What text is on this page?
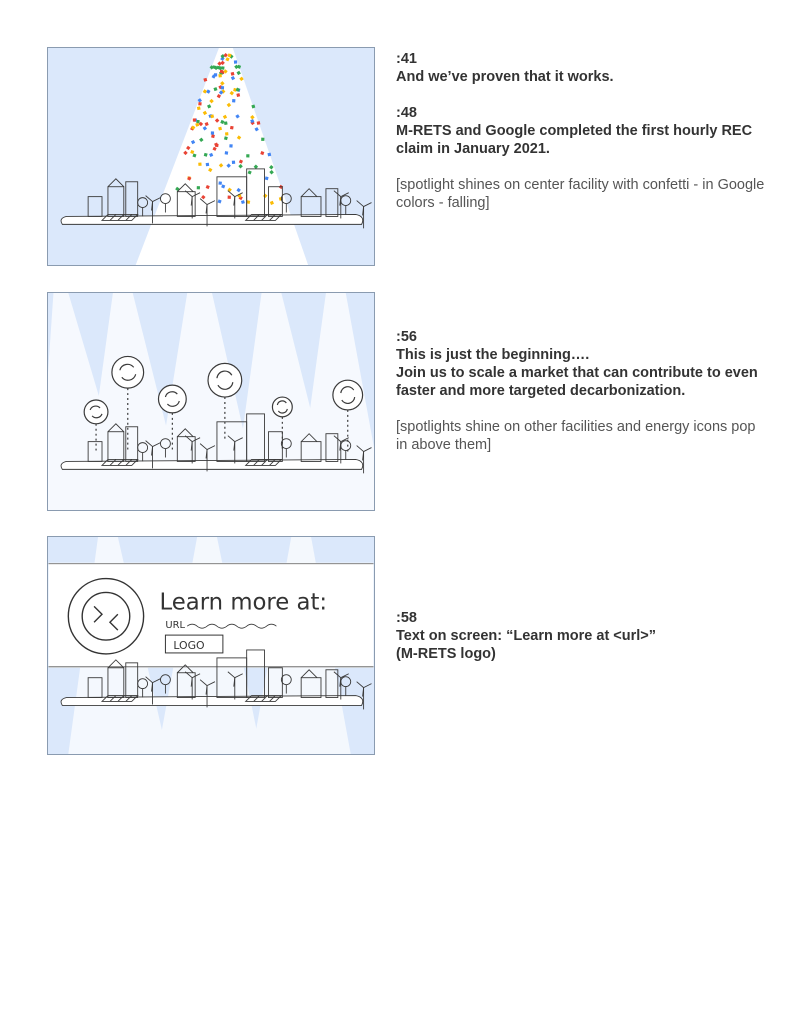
:41
And we’ve proven that it works.
:48
M-RETS and Google completed the first hourly REC claim in January 2021.
[spotlight shines on center facility with confetti - in Google colors - falling]
:56
This is just the beginning….
Join us to scale a market that can contribute to even faster and more targeted decarbonization.
[spotlights shine on other facilities and energy icons pop in above them]
Learn more at:
URL
LOGO
:58
Text on screen: “Learn more at <url>”
(M-RETS logo)
